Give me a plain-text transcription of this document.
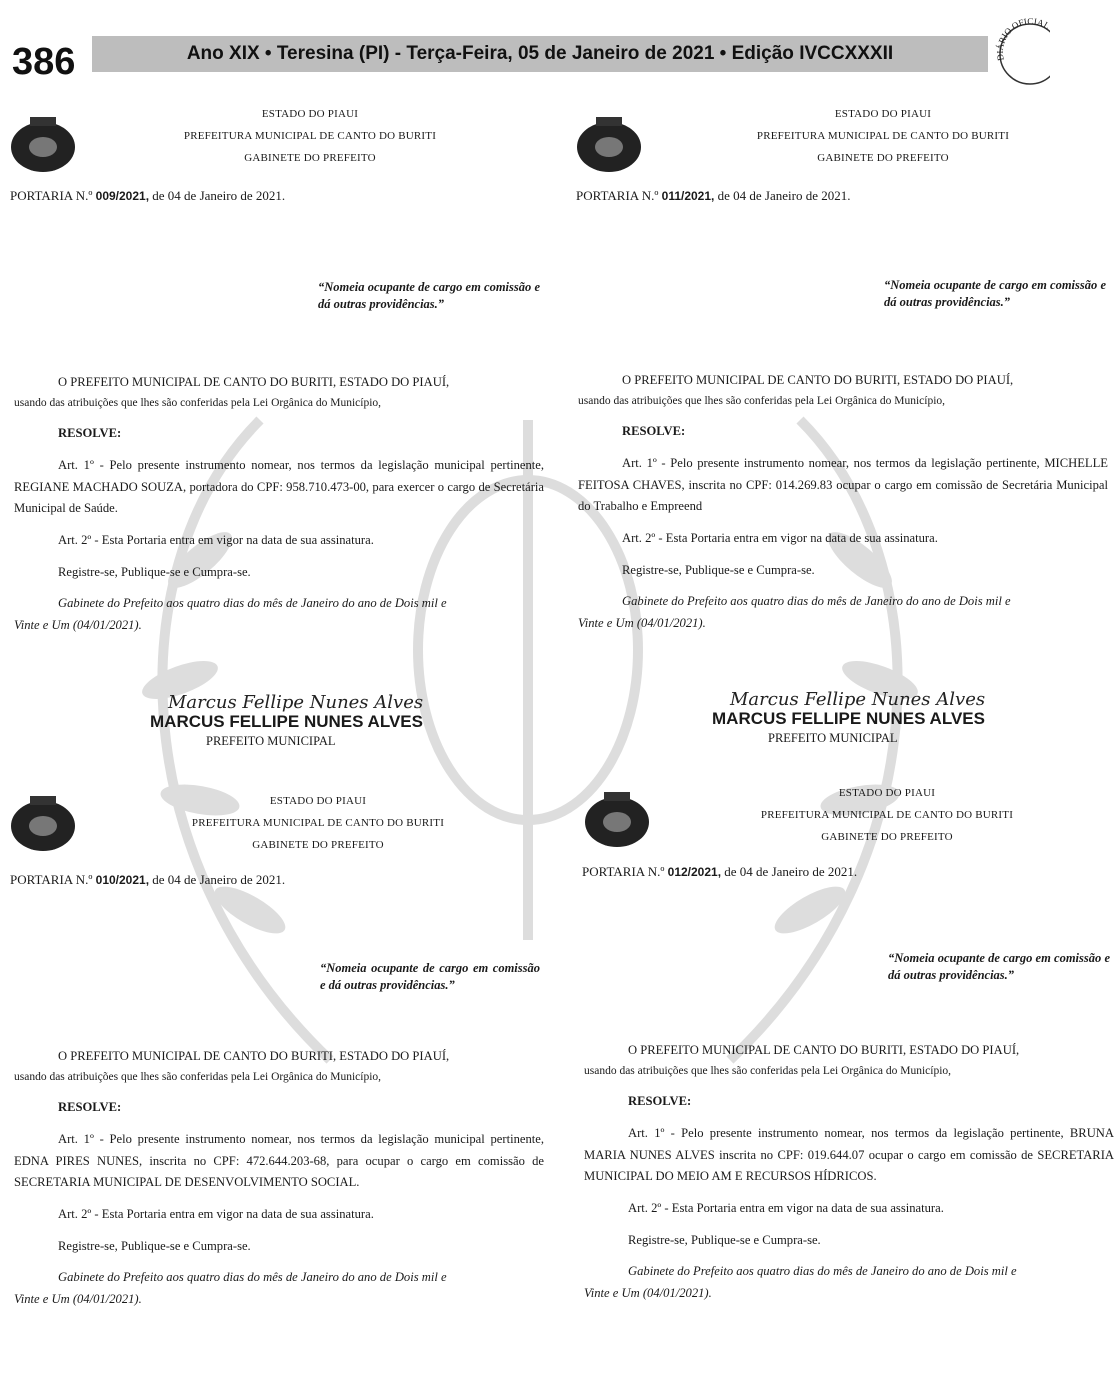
386	Ano XIX • Teresina (PI) - Terça-Feira, 05 de Janeiro de 2021 • Edição IVCCXXXII	DIÁRIO OFICIA
ESTADO DO PIAUI
PREFEITURA MUNICIPAL DE CANTO DO BURITI
GABINETE DO PREFEITO
PORTARIA N.º 009/2021, de 04 de Janeiro de 2021.
“Nomeia ocupante de cargo em comissão e dá outras providências.”

O PREFEITO MUNICIPAL DE CANTO DO BURITI, ESTADO DO PIAUÍ,

usando das atribuições que lhes são conferidas pela Lei Orgânica do Município,

RESOLVE:

Art. 1º - Pelo presente instrumento nomear, nos termos da legislação municipal pertinente, REGIANE MACHADO SOUZA, portadora do CPF: 958.710.473-00, para exercer o cargo de Secretária Municipal de Saúde.

Art. 2º - Esta Portaria entra em vigor na data de sua assinatura.

Registre-se, Publique-se e Cumpra-se.

Gabinete do Prefeito aos quatro dias do mês de Janeiro do ano de Dois mil e

Vinte e Um (04/01/2021).

Marcus Fellipe Nunes Alves
MARCUS FELLIPE NUNES ALVES
PREFEITO MUNICIPAL
ESTADO DO PIAUI
PREFEITURA MUNICIPAL DE CANTO DO BURITI
GABINETE DO PREFEITO
PORTARIA N.º 011/2021, de 04 de Janeiro de 2021.
“Nomeia ocupante de cargo em comissão e dá outras providências.”

O PREFEITO MUNICIPAL DE CANTO DO BURITI, ESTADO DO PIAUÍ,

usando das atribuições que lhes são conferidas pela Lei Orgânica do Município,

RESOLVE:

Art. 1º - Pelo presente instrumento nomear, nos termos da legislação pertinente, MICHELLE FEITOSA CHAVES, inscrita no CPF: 014.269.83 ocupar o cargo em comissão de Secretária Municipal do Trabalho e Empreend

Art. 2º - Esta Portaria entra em vigor na data de sua assinatura.

Registre-se, Publique-se e Cumpra-se.

Gabinete do Prefeito aos quatro dias do mês de Janeiro do ano de Dois mil e

Vinte e Um (04/01/2021).

Marcus Fellipe Nunes Alves
MARCUS FELLIPE NUNES ALVES
PREFEITO MUNICIPAL
ESTADO DO PIAUI
PREFEITURA MUNICIPAL DE CANTO DO BURITI
GABINETE DO PREFEITO
PORTARIA N.º 010/2021, de 04 de Janeiro de 2021.
“Nomeia ocupante de cargo em comissão e dá outras providências.”

O PREFEITO MUNICIPAL DE CANTO DO BURITI, ESTADO DO PIAUÍ,

usando das atribuições que lhes são conferidas pela Lei Orgânica do Município,

RESOLVE:

Art. 1º - Pelo presente instrumento nomear, nos termos da legislação municipal pertinente, EDNA PIRES NUNES, inscrita no CPF: 472.644.203-68, para ocupar o cargo em comissão de SECRETARIA MUNICIPAL DE DESENVOLVIMENTO SOCIAL.

Art. 2º - Esta Portaria entra em vigor na data de sua assinatura.

Registre-se, Publique-se e Cumpra-se.

Gabinete do Prefeito aos quatro dias do mês de Janeiro do ano de Dois mil e

Vinte e Um (04/01/2021).

ESTADO DO PIAUI
PREFEITURA MUNICIPAL DE CANTO DO BURITI
GABINETE DO PREFEITO
PORTARIA N.º 012/2021, de 04 de Janeiro de 2021.
“Nomeia ocupante de cargo em comissão e dá outras providências.”

O PREFEITO MUNICIPAL DE CANTO DO BURITI, ESTADO DO PIAUÍ,

usando das atribuições que lhes são conferidas pela Lei Orgânica do Município,

RESOLVE:

Art. 1º - Pelo presente instrumento nomear, nos termos da legislação pertinente, BRUNA MARIA NUNES ALVES inscrita no CPF: 019.644.07 ocupar o cargo em comissão de SECRETARIA MUNICIPAL DO MEIO AM E RECURSOS HÍDRICOS.

Art. 2º - Esta Portaria entra em vigor na data de sua assinatura.

Registre-se, Publique-se e Cumpra-se.

Gabinete do Prefeito aos quatro dias do mês de Janeiro do ano de Dois mil e

Vinte e Um (04/01/2021).
